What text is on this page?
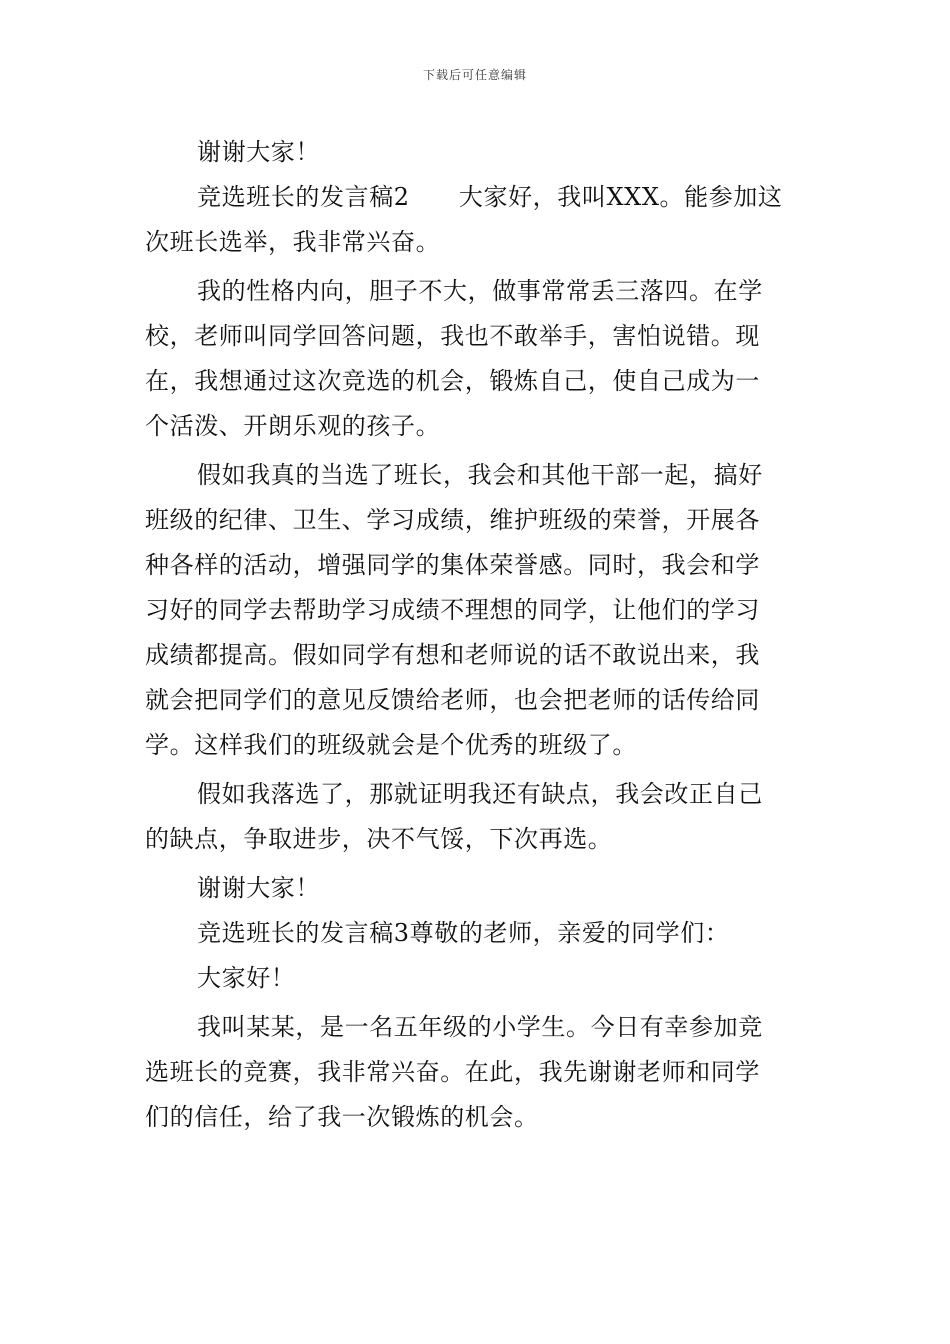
下载后可任意编辑
谢谢大家！
竞选班长的发言稿2　　大家好，我叫XXX。能参加这
次班长选举，我非常兴奋。
我的性格内向，胆子不大，做事常常丢三落四。在学
校，老师叫同学回答问题，我也不敢举手，害怕说错。现
在，我想通过这次竞选的机会，锻炼自己，使自己成为一
个活泼、开朗乐观的孩子。
假如我真的当选了班长，我会和其他干部一起，搞好
班级的纪律、卫生、学习成绩，维护班级的荣誉，开展各
种各样的活动，增强同学的集体荣誉感。同时，我会和学
习好的同学去帮助学习成绩不理想的同学，让他们的学习
成绩都提高。假如同学有想和老师说的话不敢说出来，我
就会把同学们的意见反馈给老师，也会把老师的话传给同
学。这样我们的班级就会是个优秀的班级了。
假如我落选了，那就证明我还有缺点，我会改正自己
的缺点，争取进步，决不气馁，下次再选。
谢谢大家！
竞选班长的发言稿3尊敬的老师，亲爱的同学们：
大家好！
我叫某某，是一名五年级的小学生。今日有幸参加竞
选班长的竞赛，我非常兴奋。在此，我先谢谢老师和同学
们的信任，给了我一次锻炼的机会。
